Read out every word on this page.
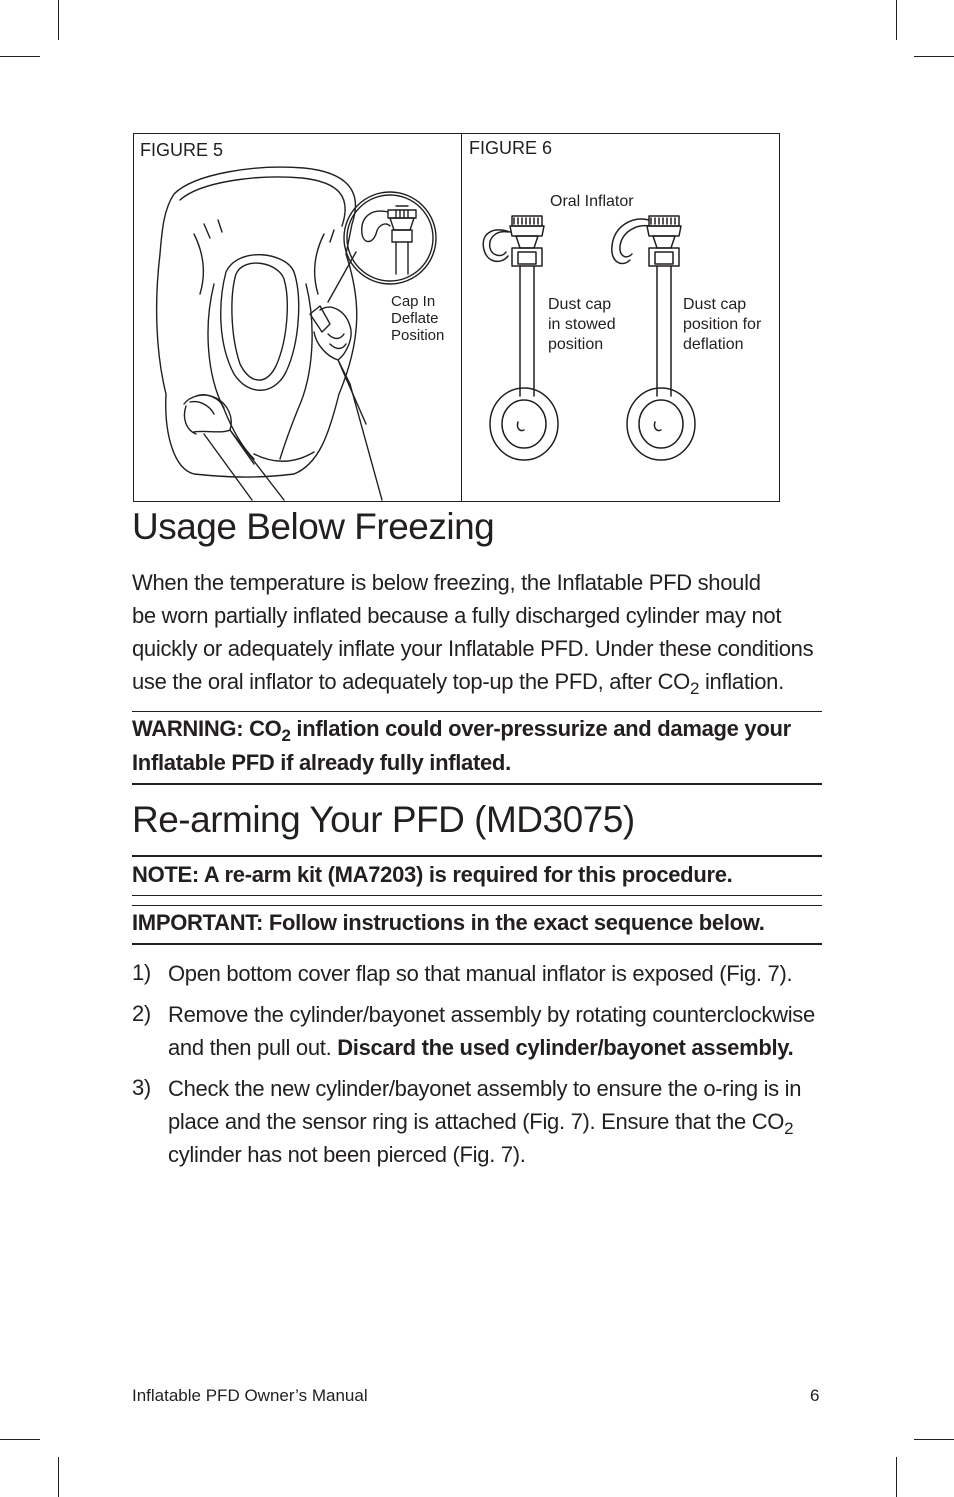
FIGURE 5
Cap In
Deflate
Position
FIGURE 6
Oral Inflator
Dust cap
in stowed
position
Dust cap
position for
deflation
Usage Below Freezing
When the temperature is below freezing, the Inflatable PFD should
be worn partially inflated because a fully discharged cylinder may not
quickly or adequately inflate your Inflatable PFD. Under these conditions
use the oral inflator to adequately top-up the PFD, after $CO_2$ inflation.
WARNING: $CO_2$ inflation could over-pressurize and damage your
Inflatable PFD if already fully inflated.
Re-arming Your PFD (MD3075)
NOTE: A re-arm kit (MA7203) is required for this procedure.
IMPORTANT: Follow instructions in the exact sequence below.
1) Open bottom cover flap so that manual inflator is exposed (Fig. 7).
2) Remove the cylinder/bayonet assembly by rotating counterclockwise
and then pull out. Discard the used cylinder/bayonet assembly.
3) Check the new cylinder/bayonet assembly to ensure the o-ring is in
place and the sensor ring is attached (Fig. 7). Ensure that the $CO_2$
cylinder has not been pierced (Fig. 7).
Inflatable PFD Owner’s Manual	6
